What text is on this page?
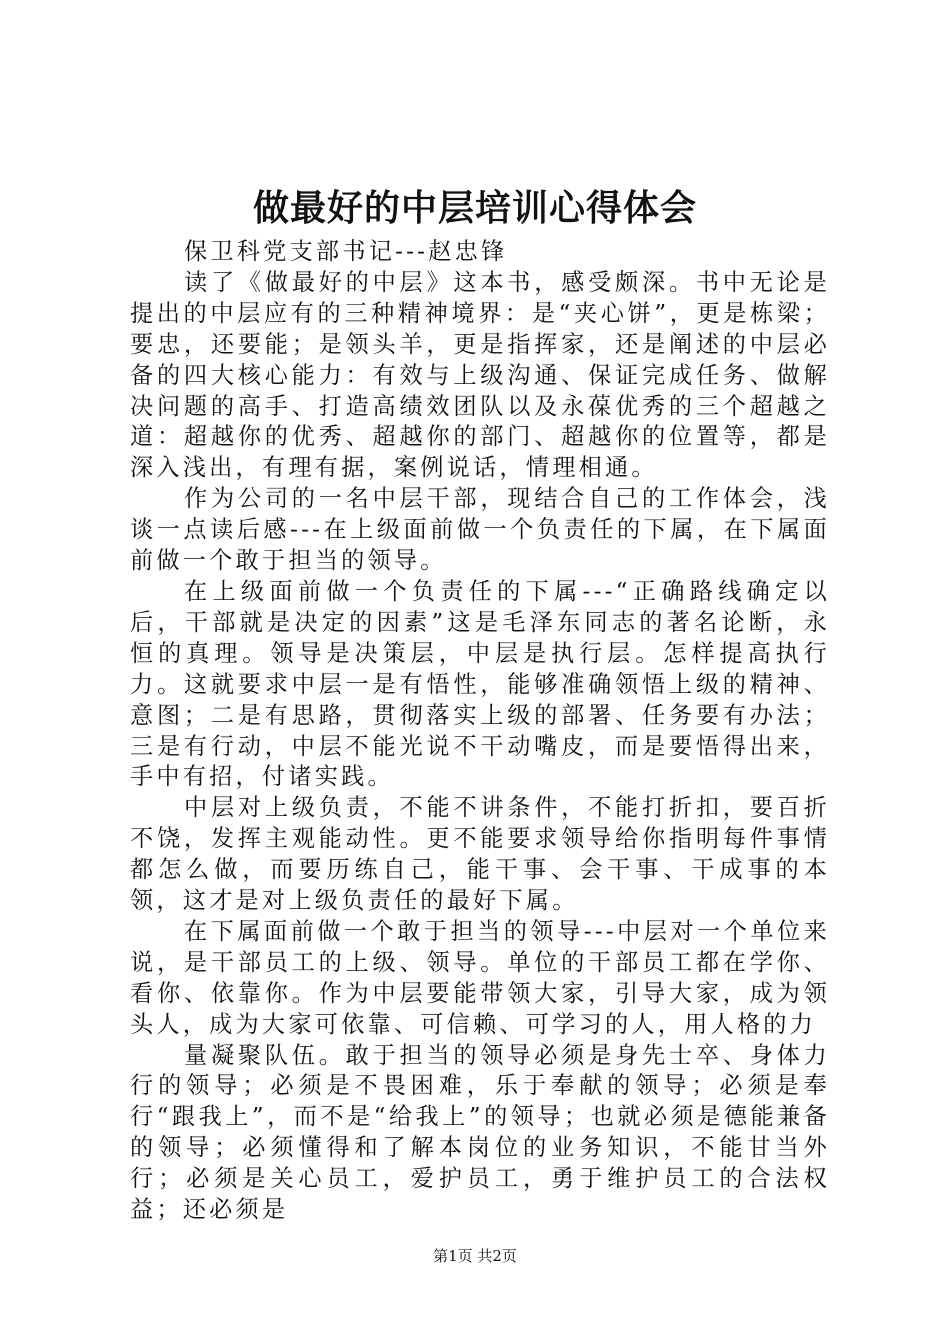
做最好的中层培训心得体会

保卫科党支部书记---赵忠锋

读了《做最好的中层》这本书，感受颇深。书中无论是提出的中层应有的三种精神境界：是“夹心饼”，更是栋梁；要忠，还要能；是领头羊，更是指挥家，还是阐述的中层必备的四大核心能力：有效与上级沟通、保证完成任务、做解决问题的高手、打造高绩效团队以及永葆优秀的三个超越之道：超越你的优秀、超越你的部门、超越你的位置等，都是深入浅出，有理有据，案例说话，情理相通。

作为公司的一名中层干部，现结合自己的工作体会，浅谈一点读后感---在上级面前做一个负责任的下属，在下属面前做一个敢于担当的领导。

在上级面前做一个负责任的下属---“正确路线确定以后，干部就是决定的因素”这是毛泽东同志的著名论断，永恒的真理。领导是决策层，中层是执行层。怎样提高执行力。这就要求中层一是有悟性，能够准确领悟上级的精神、意图；二是有思路，贯彻落实上级的部署、任务要有办法；三是有行动，中层不能光说不干动嘴皮，而是要悟得出来，手中有招，付诸实践。

中层对上级负责，不能不讲条件，不能打折扣，要百折不饶，发挥主观能动性。更不能要求领导给你指明每件事情都怎么做，而要历练自己，能干事、会干事、干成事的本领，这才是对上级负责任的最好下属。

在下属面前做一个敢于担当的领导---中层对一个单位来说，是干部员工的上级、领导。单位的干部员工都在学你、看你、依靠你。作为中层要能带领大家，引导大家，成为领头人，成为大家可依靠、可信赖、可学习的人，用人格的力

量凝聚队伍。敢于担当的领导必须是身先士卒、身体力行的领导；必须是不畏困难，乐于奉献的领导；必须是奉行“跟我上”，而不是“给我上”的领导；也就必须是德能兼备的领导；必须懂得和了解本岗位的业务知识，不能甘当外行；必须是关心员工，爱护员工，勇于维护员工的合法权益；还必须是

第1页 共2页
